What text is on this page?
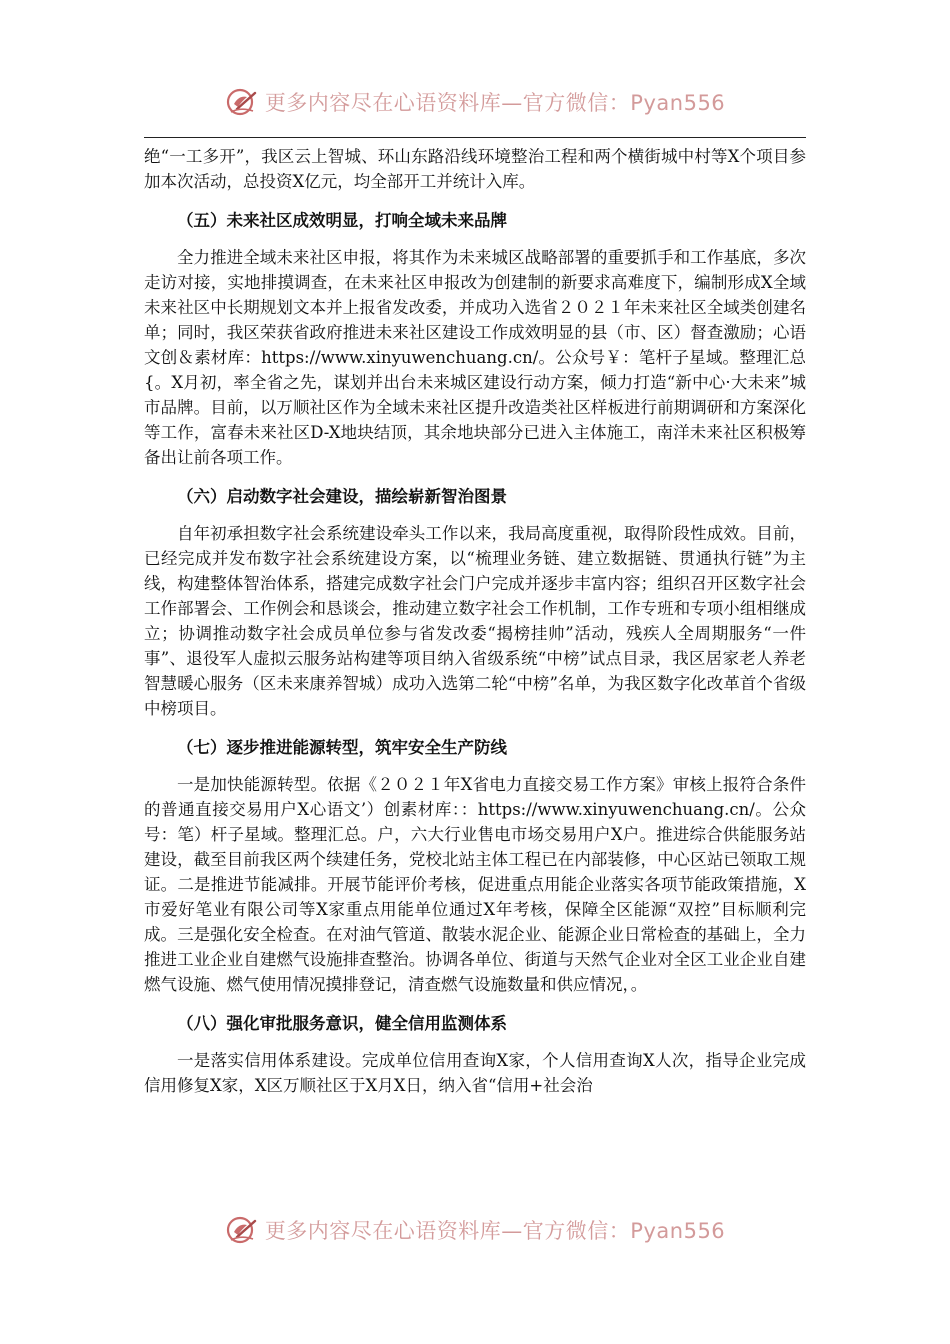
更多内容尽在心语资料库—官方微信：Pyan556

绝“一工多开”，我区云上智城、环山东路沿线环境整治工程和两个横街城中村等X个项目参加本次活动，总投资X亿元，均全部开工并统计入库。

（五）未来社区成效明显，打响全域未来品牌

全力推进全域未来社区申报，将其作为未来城区战略部署的重要抓手和工作基底，多次走访对接，实地排摸调查，在未来社区申报改为创建制的新要求高难度下，编制形成X全域未来社区中长期规划文本并上报省发改委，并成功入选省２０２１年未来社区全域类创建名单；同时，我区荣获省政府推进未来社区建设工作成效明显的县（市、区）督查激励；心语文创＆素材库：https://www.xinyuwenchuang.cn/。公众号￥：笔杆子星域。整理汇总{。X月初，率全省之先，谋划并出台未来城区建设行动方案，倾力打造“新中心·大未来”城市品牌。目前，以万顺社区作为全域未来社区提升改造类社区样板进行前期调研和方案深化等工作，富春未来社区D-X地块结顶，其余地块部分已进入主体施工，南洋未来社区积极筹备出让前各项工作。

（六）启动数字社会建设，描绘崭新智治图景

自年初承担数字社会系统建设牵头工作以来，我局高度重视，取得阶段性成效。目前，已经完成并发布数字社会系统建设方案，以“梳理业务链、建立数据链、贯通执行链”为主线，构建整体智治体系，搭建完成数字社会门户完成并逐步丰富内容；组织召开区数字社会工作部署会、工作例会和恳谈会，推动建立数字社会工作机制，工作专班和专项小组相继成立；协调推动数字社会成员单位参与省发改委“揭榜挂帅”活动，残疾人全周期服务“一件事”、退役军人虚拟云服务站构建等项目纳入省级系统“中榜”试点目录，我区居家老人养老智慧暖心服务（区未来康养智城）成功入选第二轮“中榜”名单，为我区数字化改革首个省级中榜项目。

（七）逐步推进能源转型，筑牢安全生产防线

一是加快能源转型。依据《２０２１年X省电力直接交易工作方案》审核上报符合条件的普通直接交易用户X心语文’）创素材库：：https://www.xinyuwenchuang.cn/。公众号：笔）杆子星域。整理汇总。户，六大行业售电市场交易用户X户。推进综合供能服务站建设，截至目前我区两个续建任务，党校北站主体工程已在内部装修，中心区站已领取工规证。二是推进节能减排。开展节能评价考核，促进重点用能企业落实各项节能政策措施，X市爱好笔业有限公司等X家重点用能单位通过X年考核，保障全区能源“双控”目标顺利完成。三是强化安全检查。在对油气管道、散装水泥企业、能源企业日常检查的基础上，全力推进工业企业自建燃气设施排查整治。协调各单位、街道与天然气企业对全区工业企业自建燃气设施、燃气使用情况摸排登记，清查燃气设施数量和供应情况，。

（八）强化审批服务意识，健全信用监测体系

一是落实信用体系建设。完成单位信用查询X家，个人信用查询X人次，指导企业完成信用修复X家，X区万顺社区于X月X日，纳入省“信用+社会治

更多内容尽在心语资料库—官方微信：Pyan556
